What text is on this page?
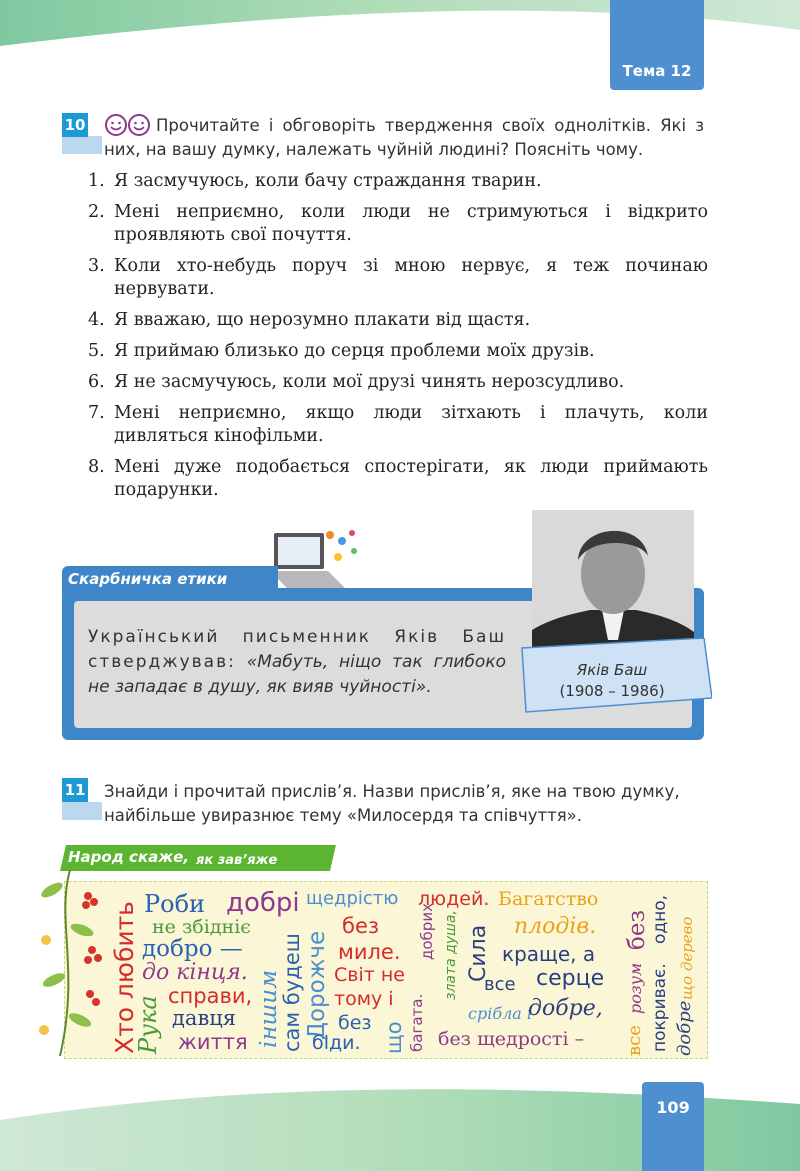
Тема 12
10	Прочитайте і обговоріть твердження своїх однолітків. Які з них, на вашу думку, належать чуйній людині? Поясніть чому.
1. Я засмучуюсь, коли бачу страждання тварин.
2. Мені неприємно, коли люди не стримуються і відкрито проявляють свої почуття.
3. Коли хто-небудь поруч зі мною нервує, я теж починаю нервувати.
4. Я вважаю, що нерозумно плакати від щастя.
5. Я приймаю близько до серця проблеми моїх друзів.
6. Я не засмучуюсь, коли мої друзі чинять нерозсудливо.
7. Мені неприємно, якщо люди зітхають і плачуть, коли дивляться кінофільми.
8. Мені дуже подобається спостерігати, як люди приймають подарунки.
Скарбничка етики
Український письменник Яків Баш стверджував: «Мабуть, ніщо так глибоко не западає в душу, як вияв чуйності».
Яків Баш
(1908 – 1986)
11 Знайди і прочитай прислів’я. Назви прислів’я, яке на твою думку, найбільше увиразнює тему «Милосердя та співчуття».
Народ скаже, як зав’яже
Хто любить
Рука
Роби добрі
не збідніє
добро —
до кінця.
справи,
давця
життя іншим
сам будеш
щедрістю
Дорожче
людей.
без
миле.
Світ не
тому і
без
біди. що багата.
добрих злата душа,
Багатство
плодів.
Сила краще, а
все серце
срібла і
добре,
без щедрості –
без
розум
все покриває.
одно,
добре
що дерево
109
